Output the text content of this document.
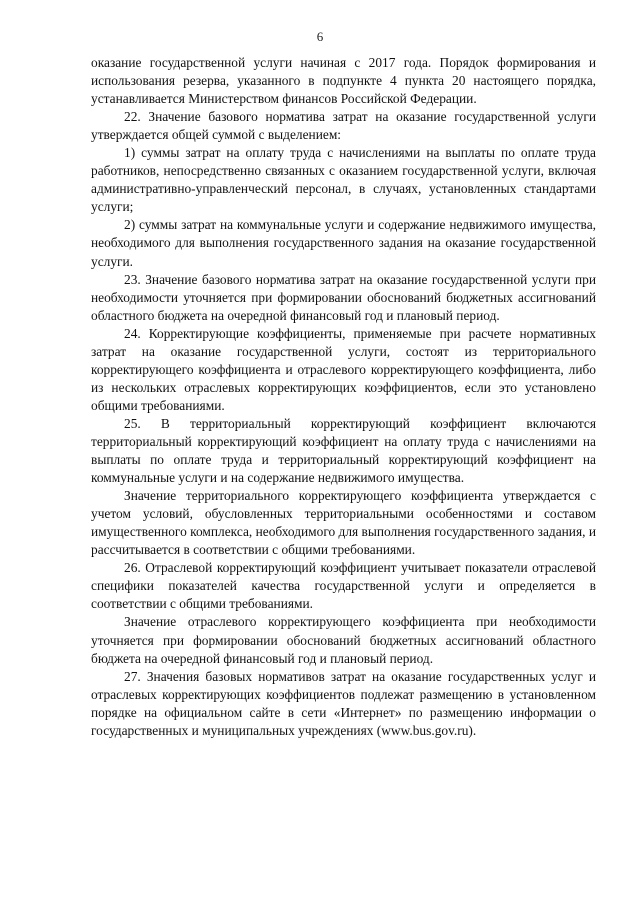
6

оказание государственной услуги начиная с 2017 года. Порядок формирования и использования резерва, указанного в подпункте 4 пункта 20 настоящего порядка, устанавливается Министерством финансов Российской Федерации.

22. Значение базового норматива затрат на оказание государственной услуги утверждается общей суммой с выделением:

1) суммы затрат на оплату труда с начислениями на выплаты по оплате труда работников, непосредственно связанных с оказанием государственной услуги, включая административно-управленческий персонал, в случаях, установленных стандартами услуги;

2) суммы затрат на коммунальные услуги и содержание недвижимого имущества, необходимого для выполнения государственного задания на оказание государственной услуги.

23. Значение базового норматива затрат на оказание государственной услуги при необходимости уточняется при формировании обоснований бюджетных ассигнований областного бюджета на очередной финансовый год и плановый период.

24. Корректирующие коэффициенты, применяемые при расчете нормативных затрат на оказание государственной услуги, состоят из территориального корректирующего коэффициента и отраслевого корректирующего коэффициента, либо из нескольких отраслевых корректирующих коэффициентов, если это установлено общими требованиями.

25. В территориальный корректирующий коэффициент включаются территориальный корректирующий коэффициент на оплату труда с начислениями на выплаты по оплате труда и территориальный корректирующий коэффициент на коммунальные услуги и на содержание недвижимого имущества.

Значение территориального корректирующего коэффициента утверждается с учетом условий, обусловленных территориальными особенностями и составом имущественного комплекса, необходимого для выполнения государственного задания, и рассчитывается в соответствии с общими требованиями.

26. Отраслевой корректирующий коэффициент учитывает показатели отраслевой специфики показателей качества государственной услуги и определяется в соответствии с общими требованиями.

Значение отраслевого корректирующего коэффициента при необходимости уточняется при формировании обоснований бюджетных ассигнований областного бюджета на очередной финансовый год и плановый период.

27. Значения базовых нормативов затрат на оказание государственных услуг и отраслевых корректирующих коэффициентов подлежат размещению в установленном порядке на официальном сайте в сети «Интернет» по размещению информации о государственных и муниципальных учреждениях (www.bus.gov.ru).
